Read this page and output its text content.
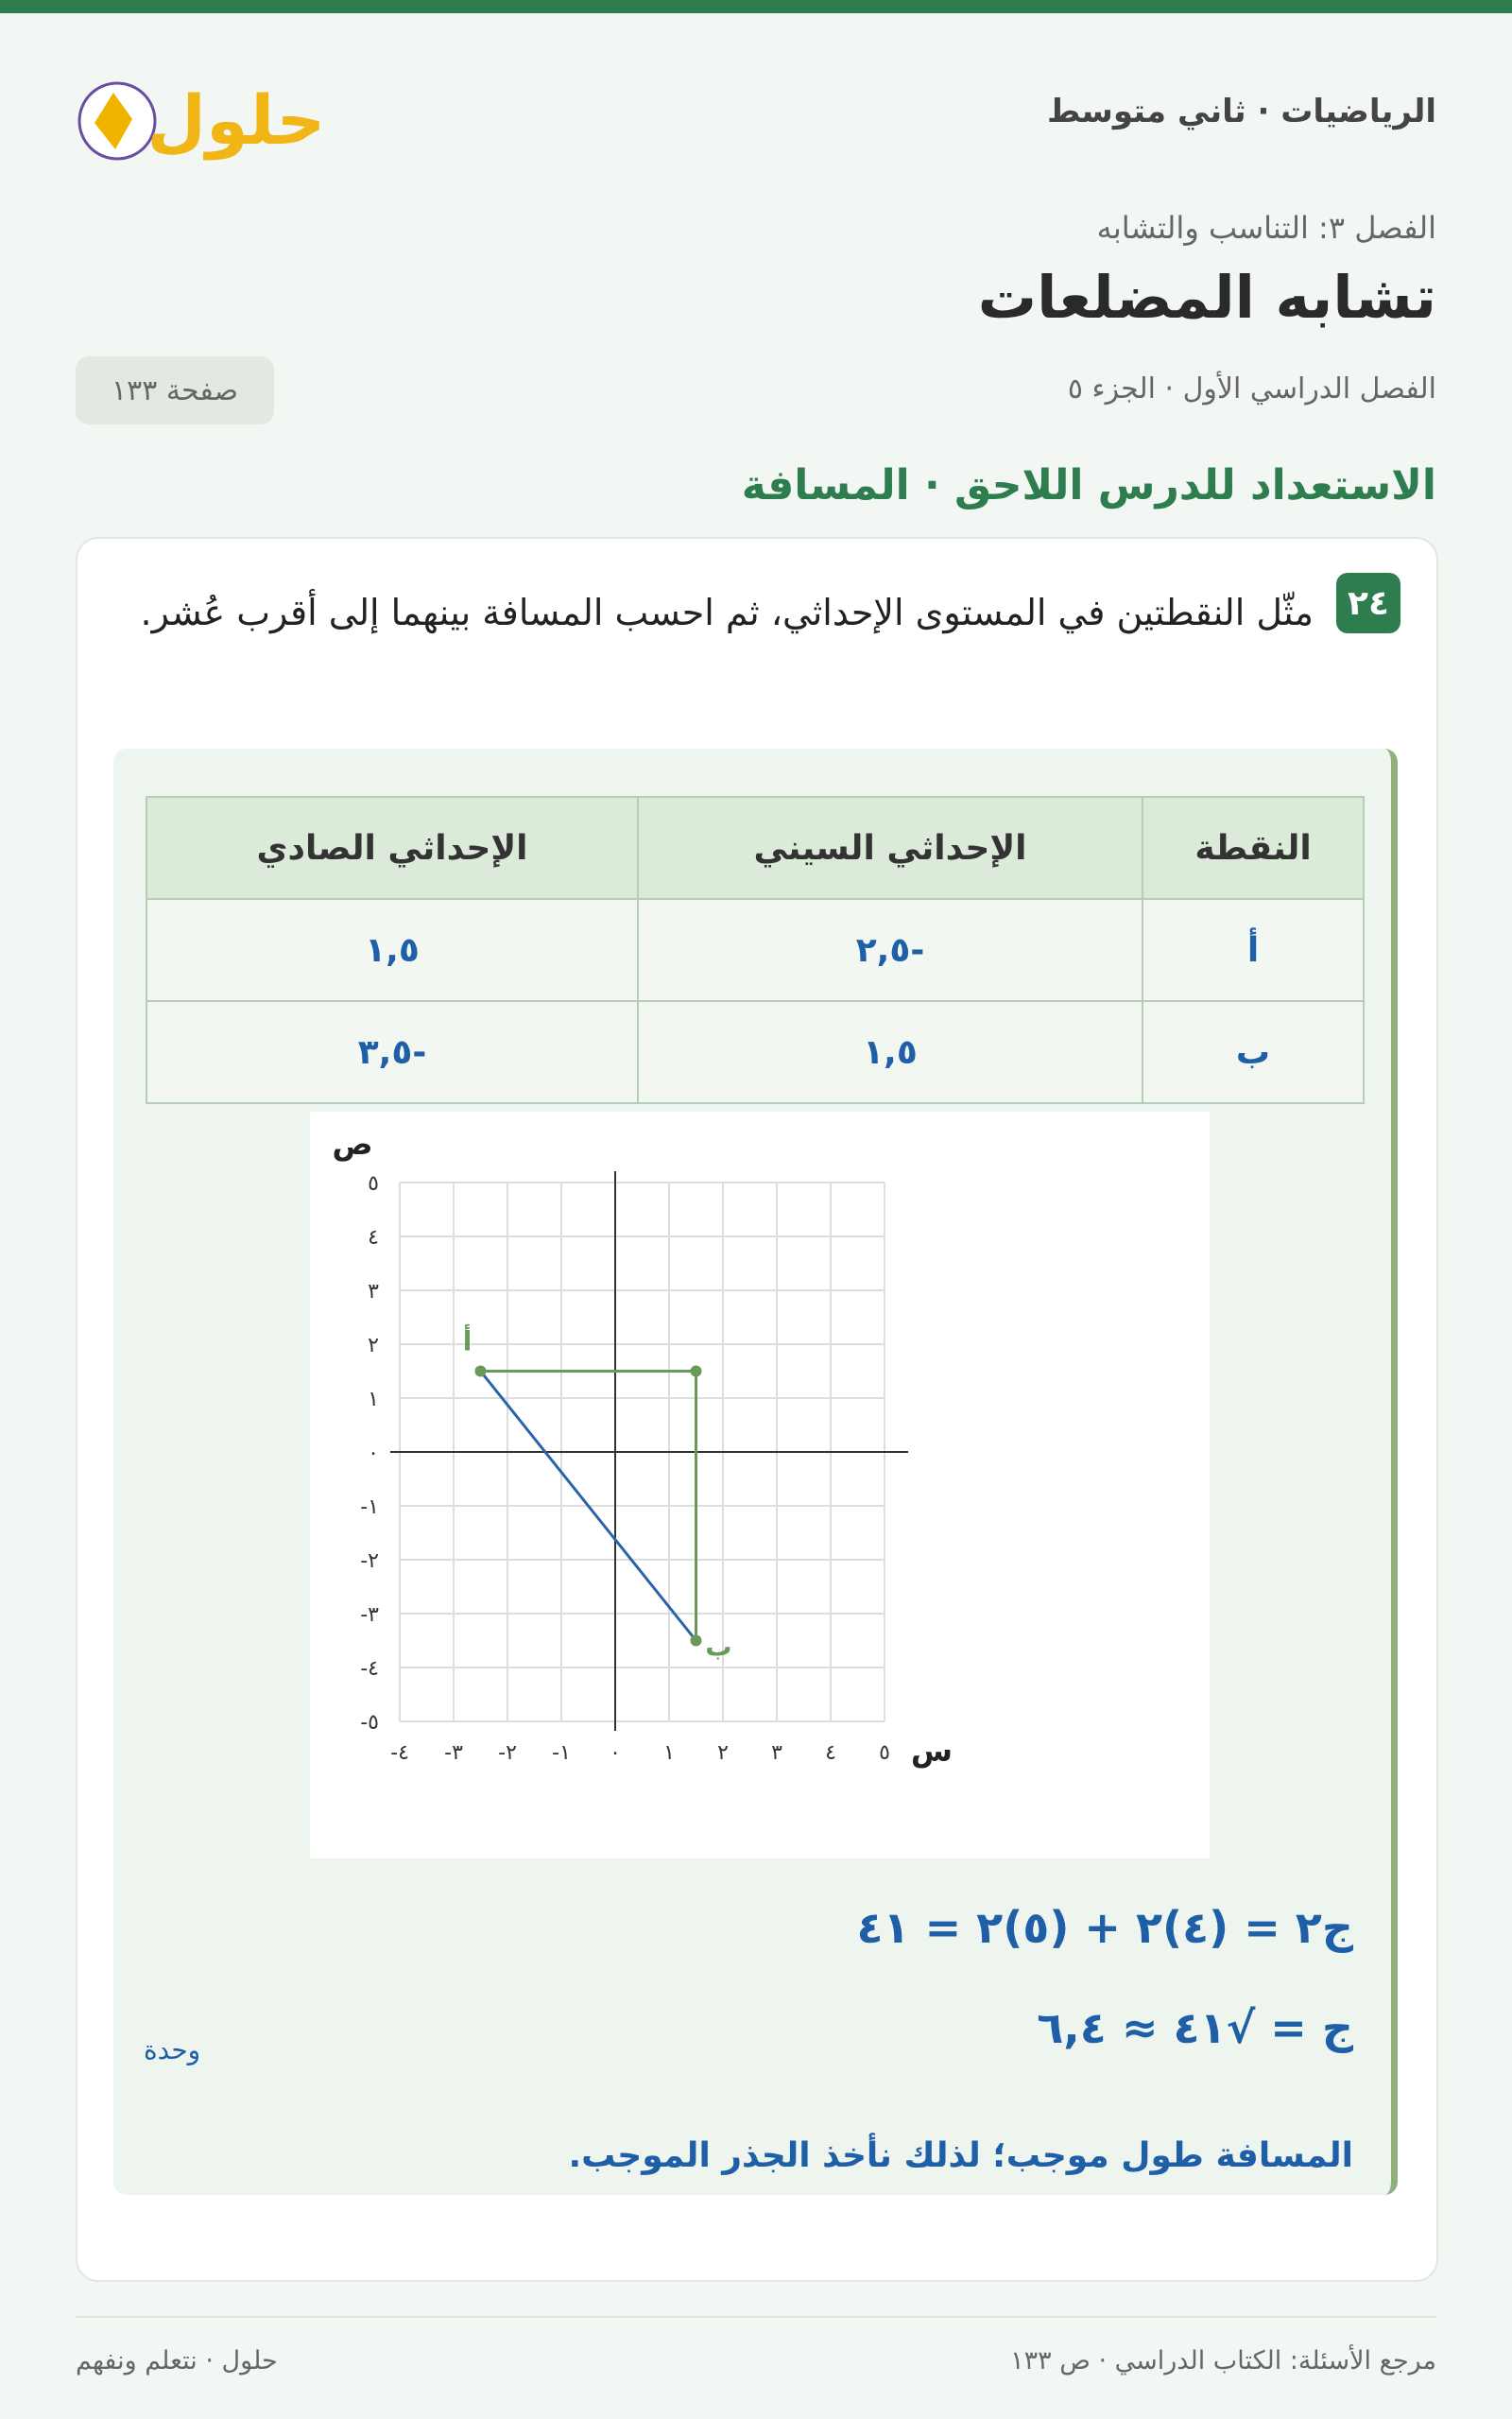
الرياضيات · ثاني متوسط
حلول
الفصل ٣: التناسب والتشابه
تشابه المضلعات
الفصل الدراسي الأول · الجزء ٥
صفحة ١٣٣
الاستعداد للدرس اللاحق · المسافة
٢٤
مثّل النقطتين في المستوى الإحداثي، ثم احسب المسافة بينهما إلى أقرب عُشر.
النقطة	الإحداثي السيني	الإحداثي الصادي
أ	-٢,٥	١,٥
ب	١,٥	-٣,٥
-٤ -٣ -٢ -١ ٠ ١ ٢ ٣ ٤ ٥
-٥
-٤
-٣
-٢
-١
٠
١
٢
٣
٤
٥
س
ص
أ
ب
ج٢ = (٤)٢ + (٥)٢ = ٤١
ج = √٤١ ≈ ٦,٤
وحدة
المسافة طول موجب؛ لذلك نأخذ الجذر الموجب.
مرجع الأسئلة: الكتاب الدراسي · ص ١٣٣
حلول · نتعلم ونفهم
